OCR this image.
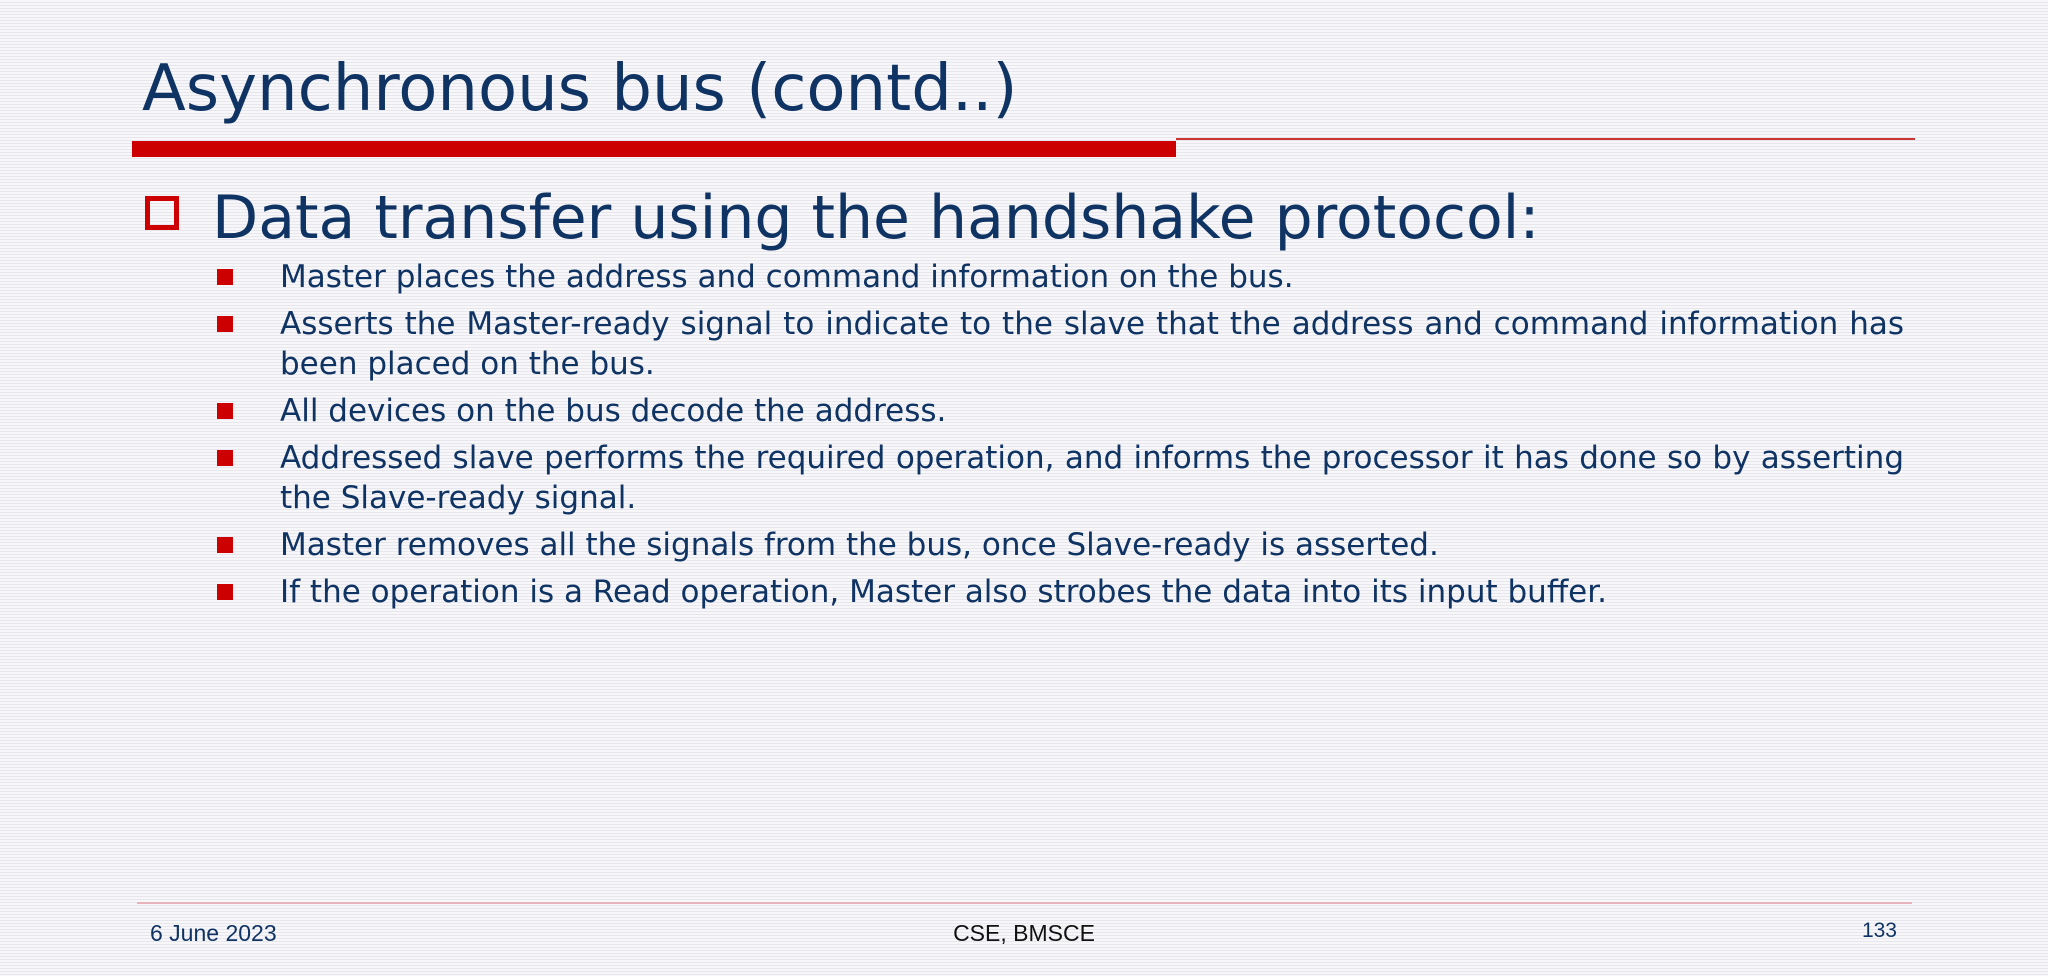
Asynchronous bus (contd..)
Data transfer using the handshake protocol:
Master places the address and command information on the bus.
Asserts the Master-ready signal to indicate to the slave that the address and command information has been placed on the bus.
All devices on the bus decode the address.
Addressed slave performs the required operation, and informs the processor it has done so by asserting the Slave-ready signal.
Master removes all the signals from the bus, once Slave-ready is asserted.
If the operation is a Read operation, Master also strobes the data into its input buffer.
6 June 2023	CSE, BMSCE	133
